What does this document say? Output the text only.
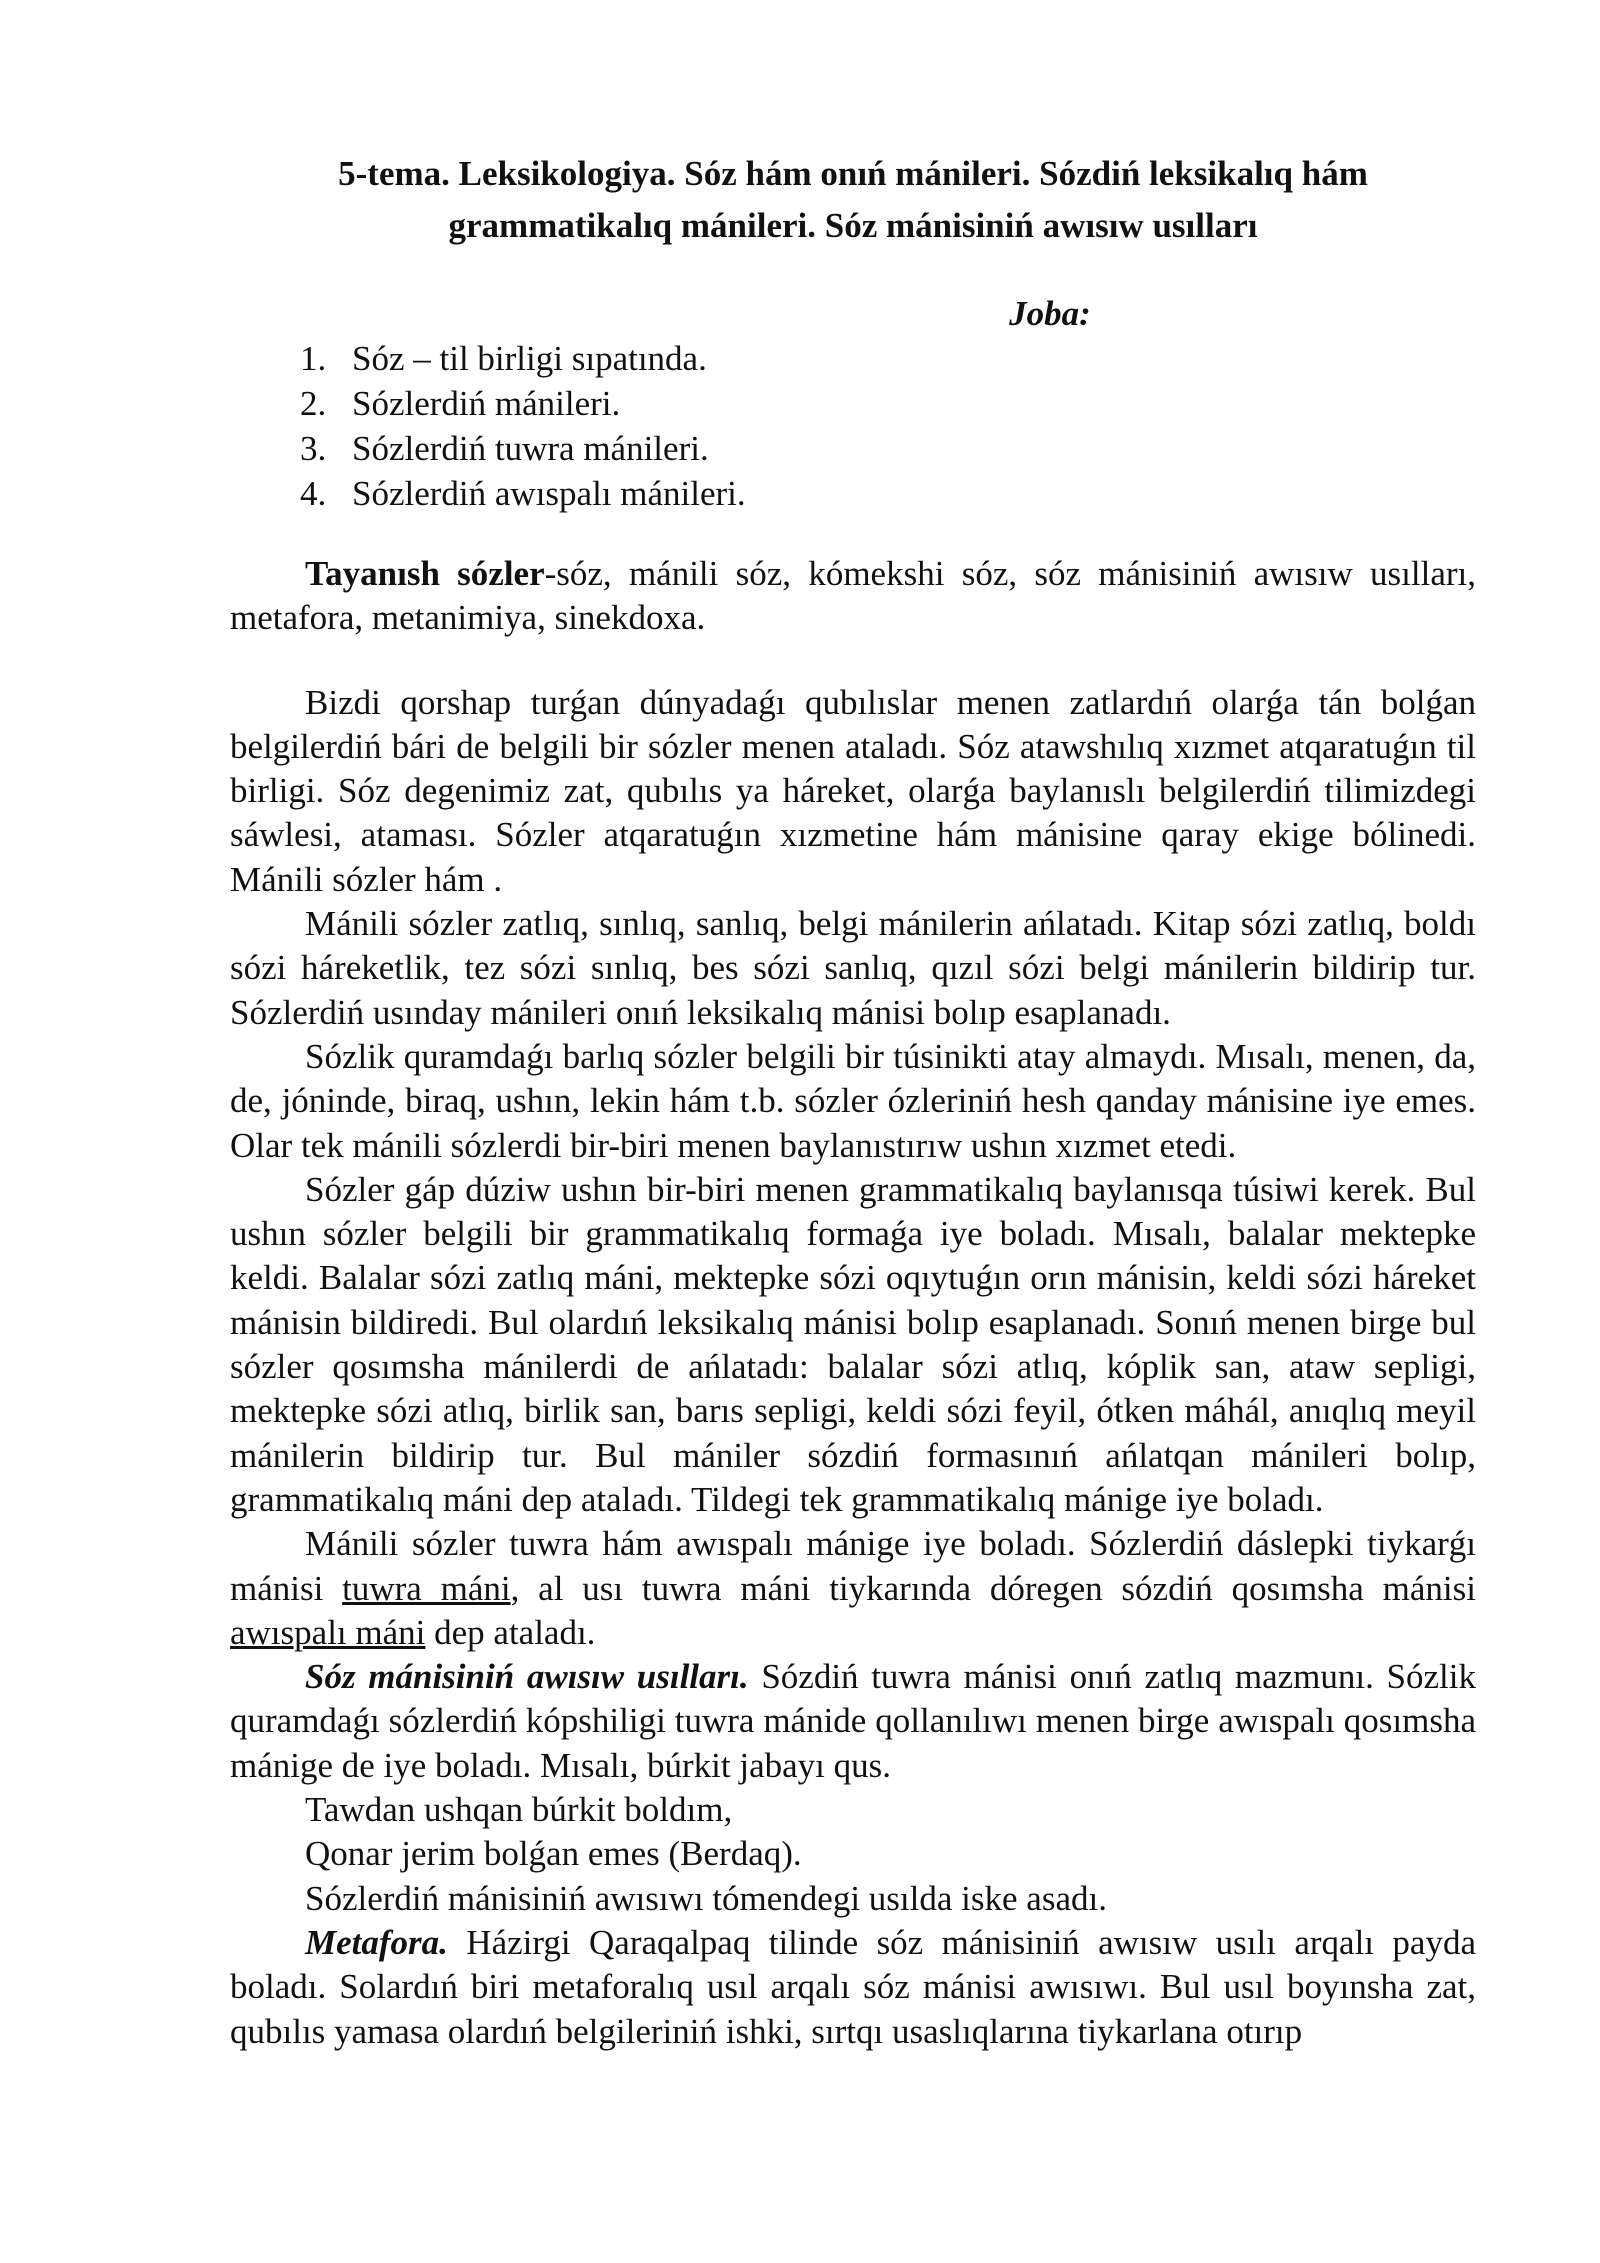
5-tema. Leksikologiya. Sóz hám onıń mánileri. Sózdiń leksikalıq hám
grammatikalıq mánileri. Sóz mánisiniń awısıw usılları
Joba:
1. Sóz – til birligi sıpatında.
2. Sózlerdiń mánileri.
3. Sózlerdiń tuwra mánileri.
4. Sózlerdiń awıspalı mánileri.

Tayanısh sózler-sóz, mánili sóz, kómekshi sóz, sóz mánisiniń awısıw usılları, metafora, metanimiya, sinekdoxa.

Bizdi qorshap turǵan dúnyadaǵı qubılıslar menen zatlardıń olarǵa tán bolǵan belgilerdiń bári de belgili bir sózler menen ataladı. Sóz atawshılıq xızmet atqaratuǵın til birligi. Sóz degenimiz zat, qubılıs ya háreket, olarǵa baylanıslı belgilerdiń tilimizdegi sáwlesi, ataması. Sózler atqaratuǵın xızmetine hám mánisine qaray ekige bólinedi. Mánili sózler hám .

Mánili sózler zatlıq, sınlıq, sanlıq, belgi mánilerin ańlatadı. Kitap sózi zatlıq, boldı sózi háreketlik, tez sózi sınlıq, bes sózi sanlıq, qızıl sózi belgi mánilerin bildirip tur. Sózlerdiń usınday mánileri onıń leksikalıq mánisi bolıp esaplanadı.

Sózlik quramdaǵı barlıq sózler belgili bir túsinikti atay almaydı. Mısalı, menen, da, de, jóninde, biraq, ushın, lekin hám t.b. sózler ózleriniń hesh qanday mánisine iye emes. Olar tek mánili sózlerdi bir-biri menen baylanıstırıw ushın xızmet etedi.

Sózler gáp dúziw ushın bir-biri menen grammatikalıq baylanısqa túsiwi kerek. Bul ushın sózler belgili bir grammatikalıq formaǵa iye boladı. Mısalı, balalar mektepke keldi. Balalar sózi zatlıq máni, mektepke sózi oqıytuǵın orın mánisin, keldi sózi háreket mánisin bildiredi. Bul olardıń leksikalıq mánisi bolıp esaplanadı. Sonıń menen birge bul sózler qosımsha mánilerdi de ańlatadı: balalar sózi atlıq, kóplik san, ataw sepligi, mektepke sózi atlıq, birlik san, barıs sepligi, keldi sózi feyil, ótken máhál, anıqlıq meyil mánilerin bildirip tur. Bul mániler sózdiń formasınıń ańlatqan mánileri bolıp, grammatikalıq máni dep ataladı. Tildegi tek grammatikalıq mánige iye boladı.

Mánili sózler tuwra hám awıspalı mánige iye boladı. Sózlerdiń dáslepki tiykarǵı mánisi tuwra máni, al usı tuwra máni tiykarında dóregen sózdiń qosımsha mánisi awıspalı máni dep ataladı.

Sóz mánisiniń awısıw usılları. Sózdiń tuwra mánisi onıń zatlıq mazmunı. Sózlik quramdaǵı sózlerdiń kópshiligi tuwra mánide qollanılıwı menen birge awıspalı qosımsha mánige de iye boladı. Mısalı, búrkit jabayı qus.

Tawdan ushqan búrkit boldım,

Qonar jerim bolǵan emes (Berdaq).

Sózlerdiń mánisiniń awısıwı tómendegi usılda iske asadı.

Metafora. Házirgi Qaraqalpaq tilinde sóz mánisiniń awısıw usılı arqalı payda boladı. Solardıń biri metaforalıq usıl arqalı sóz mánisi awısıwı. Bul usıl boyınsha zat, qubılıs yamasa olardıń belgileriniń ishki, sırtqı usaslıqlarına tiykarlana otırıp
